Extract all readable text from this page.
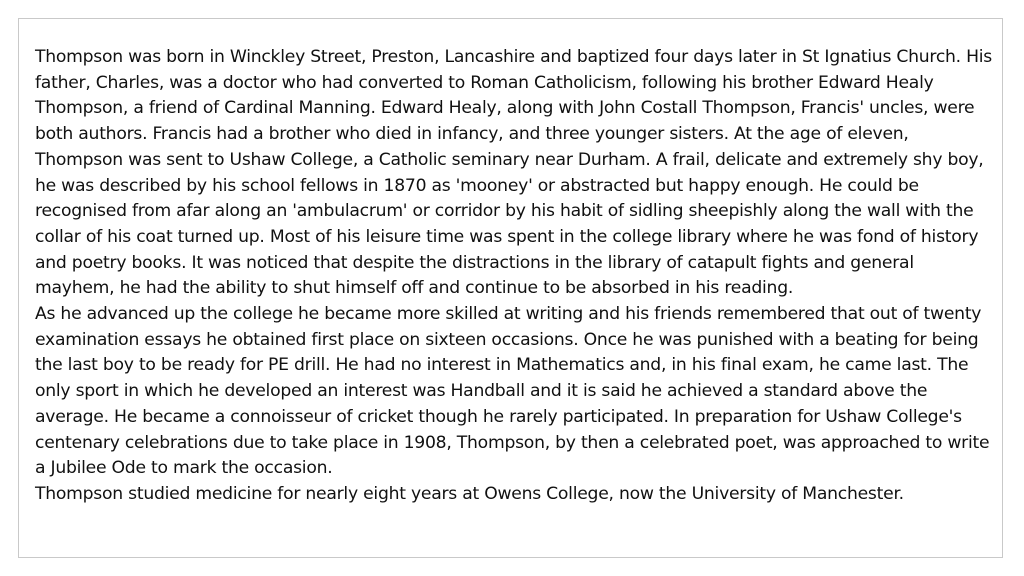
Thompson was born in Winckley Street, Preston, Lancashire and baptized four days later in St Ignatius Church. His father, Charles, was a doctor who had converted to Roman Catholicism, following his brother Edward Healy Thompson, a friend of Cardinal Manning. Edward Healy, along with John Costall Thompson, Francis' uncles, were both authors. Francis had a brother who died in infancy, and three younger sisters. At the age of eleven, Thompson was sent to Ushaw College, a Catholic seminary near Durham. A frail, delicate and extremely shy boy, he was described by his school fellows in 1870 as 'mooney' or abstracted but happy enough. He could be recognised from afar along an 'ambulacrum' or corridor by his habit of sidling sheepishly along the wall with the collar of his coat turned up. Most of his leisure time was spent in the college library where he was fond of history and poetry books. It was noticed that despite the distractions in the library of catapult fights and general mayhem, he had the ability to shut himself off and continue to be absorbed in his reading.

As he advanced up the college he became more skilled at writing and his friends remembered that out of twenty examination essays he obtained first place on sixteen occasions. Once he was punished with a beating for being the last boy to be ready for PE drill. He had no interest in Mathematics and, in his final exam, he came last. The only sport in which he developed an interest was Handball and it is said he achieved a standard above the average. He became a connoisseur of cricket though he rarely participated. In preparation for Ushaw College's centenary celebrations due to take place in 1908, Thompson, by then a celebrated poet, was approached to write a Jubilee Ode to mark the occasion.

Thompson studied medicine for nearly eight years at Owens College, now the University of Manchester.
